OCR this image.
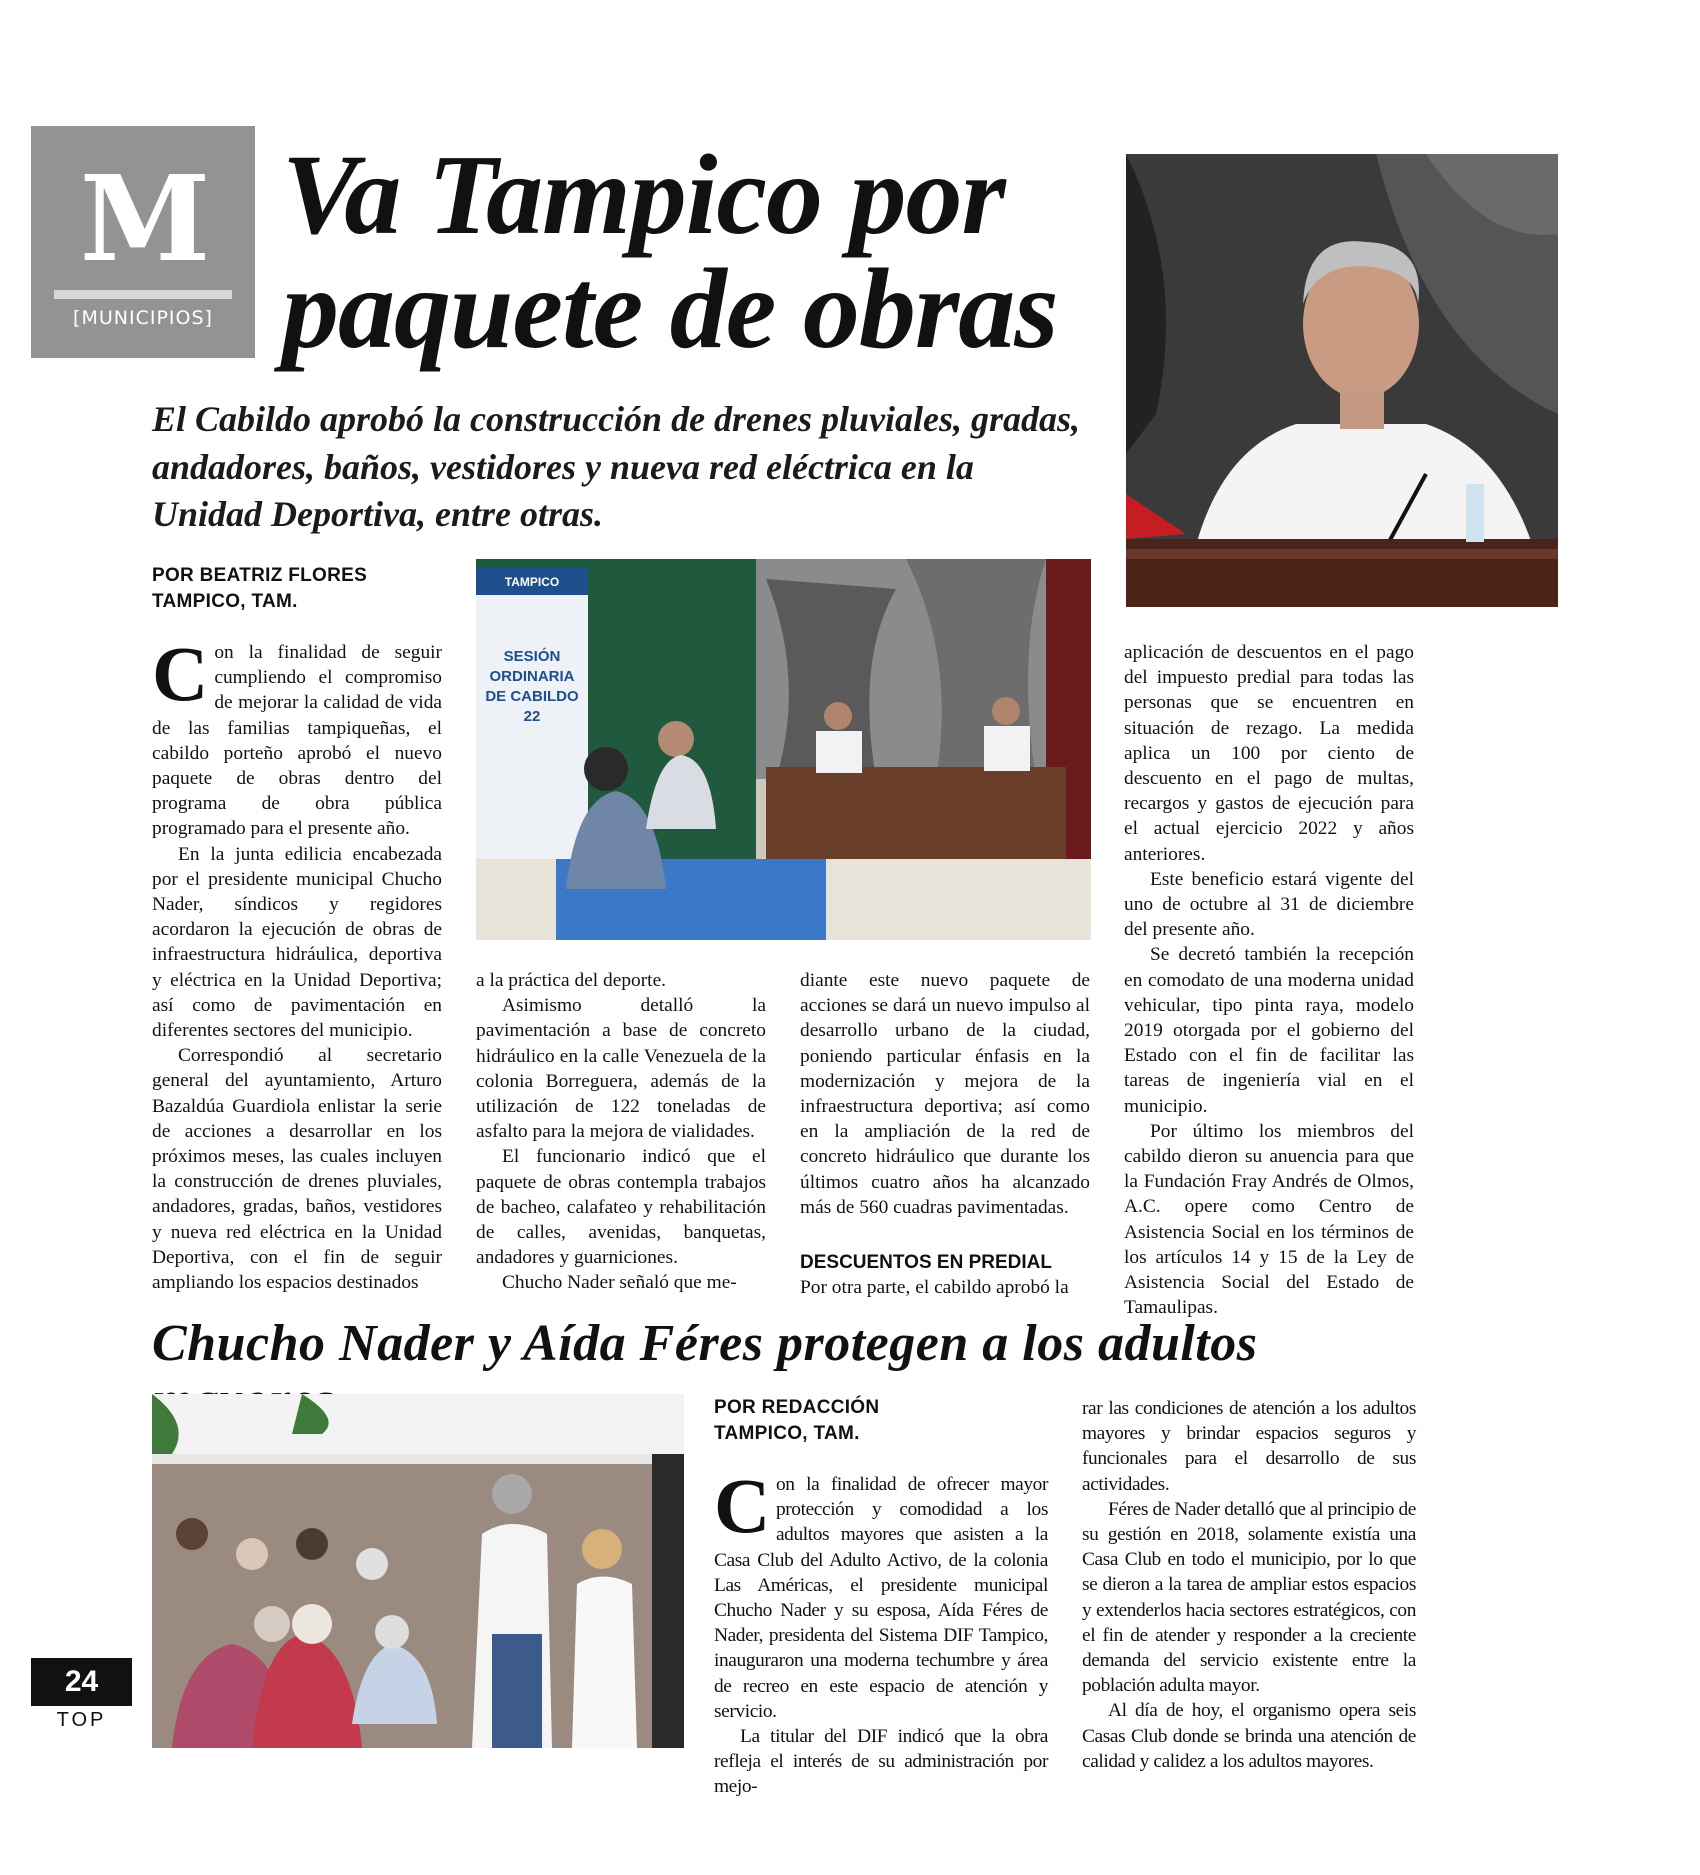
M
[MUNICIPIOS]
Va Tampico por
paquete de obras
El Cabildo aprobó la construcción de drenes pluviales, gradas, andadores, baños, vestidores y nueva red eléctrica en la Unidad Deportiva, entre otras.
POR BEATRIZ FLORES
TAMPICO, TAM.

Con la finalidad de seguir cumpliendo el compromiso de mejorar la calidad de vida de las familias tampiqueñas, el cabildo porteño aprobó el nuevo paquete de obras dentro del programa de obra pública programado para el presente año.

En la junta edilicia encabezada por el presidente municipal Chucho Nader, síndicos y regidores acordaron la ejecución de obras de infraestructura hidráulica, deportiva y eléctrica en la Unidad Deportiva; así como de pavimentación en diferentes sectores del municipio.

Correspondió al secretario general del ayuntamiento, Arturo Bazaldúa Guardiola enlistar la serie de acciones a desarrollar en los próximos meses, las cuales incluyen la construcción de drenes pluviales, andadores, gradas, baños, vestidores y nueva red eléctrica en la Unidad Deportiva, con el fin de seguir ampliando los espacios destinados

TAMPICO
SESIÓN
ORDINARIA
DE CABILDO
22

a la práctica del deporte.

Asimismo detalló la pavimentación a base de concreto hidráulico en la calle Venezuela de la colonia Borreguera, además de la utilización de 122 toneladas de asfalto para la mejora de vialidades.

El funcionario indicó que el paquete de obras contempla trabajos de bacheo, calafateo y rehabilitación de calles, avenidas, banquetas, andadores y guarniciones.

Chucho Nader señaló que me-

diante este nuevo paquete de acciones se dará un nuevo impulso al desarrollo urbano de la ciudad, poniendo particular énfasis en la modernización y mejora de la infraestructura deportiva; así como en la ampliación de la red de concreto hidráulico que durante los últimos cuatro años ha alcanzado más de 560 cuadras pavimentadas.

DESCUENTOS EN PREDIAL

Por otra parte, el cabildo aprobó la

aplicación de descuentos en el pago del impuesto predial para todas las personas que se encuentren en situación de rezago. La medida aplica un 100 por ciento de descuento en el pago de multas, recargos y gastos de ejecución para el actual ejercicio 2022 y años anteriores.

Este beneficio estará vigente del uno de octubre al 31 de diciembre del presente año.

Se decretó también la recepción en comodato de una moderna unidad vehicular, tipo pinta raya, modelo 2019 otorgada por el gobierno del Estado con el fin de facilitar las tareas de ingeniería vial en el municipio.

Por último los miembros del cabildo dieron su anuencia para que la Fundación Fray Andrés de Olmos, A.C. opere como Centro de Asistencia Social en los términos de los artículos 14 y 15 de la Ley de Asistencia Social del Estado de Tamaulipas.

Chucho Nader y Aída Féres protegen a los adultos
POR REDACCIÓN
TAMPICO, TAM.

Con la finalidad de ofrecer mayor protección y comodidad a los adultos mayores que asisten a la Casa Club del Adulto Activo, de la colonia Las Américas, el presidente municipal Chucho Nader y su esposa, Aída Féres de Nader, presidenta del Sistema DIF Tampico, inauguraron una moderna techumbre y área de recreo en este espacio de atención y servicio.

La titular del DIF indicó que la obra refleja el interés de su administración por mejo-

rar las condiciones de atención a los adultos mayores y brindar espacios seguros y funcionales para el desarrollo de sus actividades.

Féres de Nader detalló que al principio de su gestión en 2018, solamente existía una Casa Club en todo el municipio, por lo que se dieron a la tarea de ampliar estos espacios y extenderlos hacia sectores estratégicos, con el fin de atender y responder a la creciente demanda del servicio existente entre la población adulta mayor.

Al día de hoy, el organismo opera seis Casas Club donde se brinda una atención de calidad y calidez a los adultos mayores.

24
TOP
